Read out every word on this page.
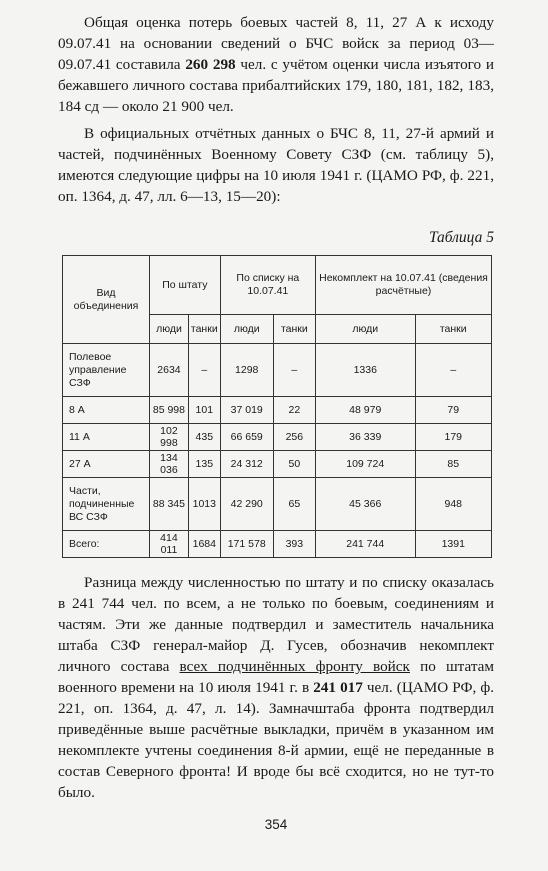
Общая оценка потерь боевых частей 8, 11, 27 А к исходу 09.07.41 на основании сведений о БЧС войск за период 03—09.07.41 составила 260 298 чел. с учётом оценки числа изъятого и бежавшего личного состава прибалтийских 179, 180, 181, 182, 183, 184 сд — около 21 900 чел.

В официальных отчётных данных о БЧС 8, 11, 27-й армий и частей, подчинённых Военному Совету СЗФ (см. таблицу 5), имеются следующие цифры на 10 июля 1941 г. (ЦАМО РФ, ф. 221, оп. 1364, д. 47, лл. 6—13, 15—20):

Таблица 5
Вид объединения	По штату		По списку на 10.07.41		Некомплект на 10.07.41 (сведения расчётные)	
	люди	танки	люди	танки	люди	танки
Полевое управление СЗФ	2634	–	1298	–	1336	–
8 А	85 998	101	37 019	22	48 979	79
11 А	102 998	435	66 659	256	36 339	179
27 А	134 036	135	24 312	50	109 724	85
Части, подчиненные ВС СЗФ	88 345	1013	42 290	65	45 366	948
Всего:	414 011	1684	171 578	393	241 744	1391

Разница между численностью по штату и по списку оказалась в 241 744 чел. по всем, а не только по боевым, соединениям и частям. Эти же данные подтвердил и заместитель начальника штаба СЗФ генерал-майор Д. Гусев, обозначив некомплект личного состава всех подчинённых фронту войск по штатам военного времени на 10 июля 1941 г. в 241 017 чел. (ЦАМО РФ, ф. 221, оп. 1364, д. 47, л. 14). Замначштаба фронта подтвердил приведённые выше расчётные выкладки, причём в указанном им некомплекте учтены соединения 8-й армии, ещё не переданные в состав Северного фронта! И вроде бы всё сходится, но не тут-то было.

354
